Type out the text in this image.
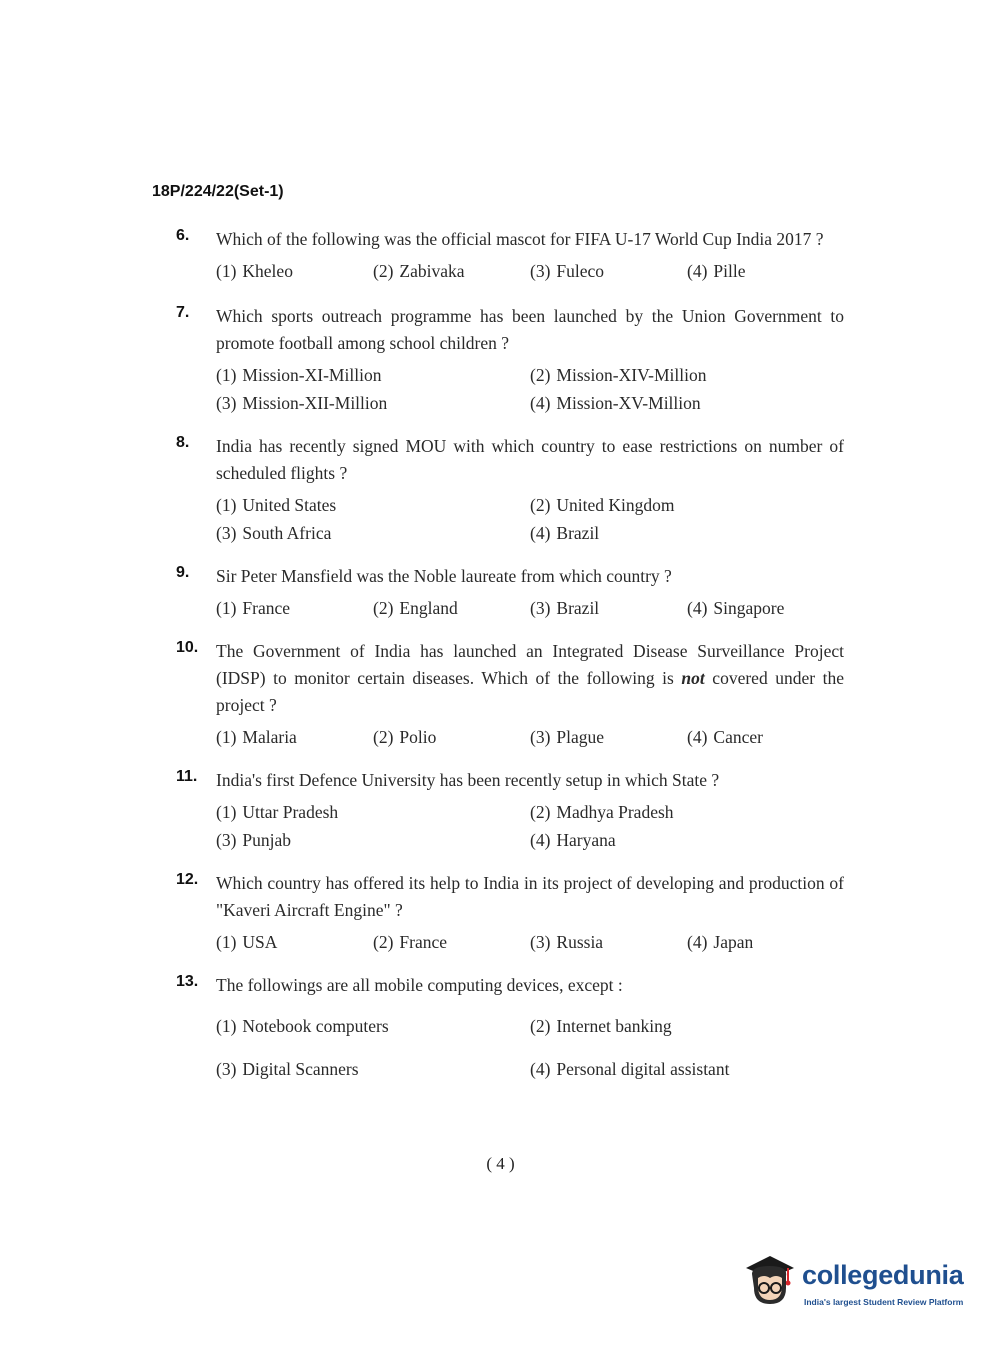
18P/224/22(Set-1)
6. Which of the following was the official mascot for FIFA U-17 World Cup India 2017 ?

(1) Kheleo	(2) Zabivaka	(3) Fuleco	(4) Pille
7. Which sports outreach programme has been launched by the Union Government to promote football among school children ?

(1) Mission-XI-Million	(2) Mission-XIV-Million
(3) Mission-XII-Million	(4) Mission-XV-Million
8. India has recently signed MOU with which country to ease restrictions on number of scheduled flights ?

(1) United States	(2) United Kingdom
(3) South Africa	(4) Brazil
9. Sir Peter Mansfield was the Noble laureate from which country ?

(1) France	(2) England	(3) Brazil	(4) Singapore
10. The Government of India has launched an Integrated Disease Surveillance Project (IDSP) to monitor certain diseases. Which of the following is not covered under the project ?

(1) Malaria	(2) Polio	(3) Plague	(4) Cancer
11. India's first Defence University has been recently setup in which State ?

(1) Uttar Pradesh	(2) Madhya Pradesh
(3) Punjab	(4) Haryana
12. Which country has offered its help to India in its project of developing and production of "Kaveri Aircraft Engine" ?

(1) USA	(2) France	(3) Russia	(4) Japan
13. The followings are all mobile computing devices, except :

(1) Notebook computers	(2) Internet banking
(3) Digital Scanners	(4) Personal digital assistant
( 4 )
collegedunia
India's largest Student Review Platform
